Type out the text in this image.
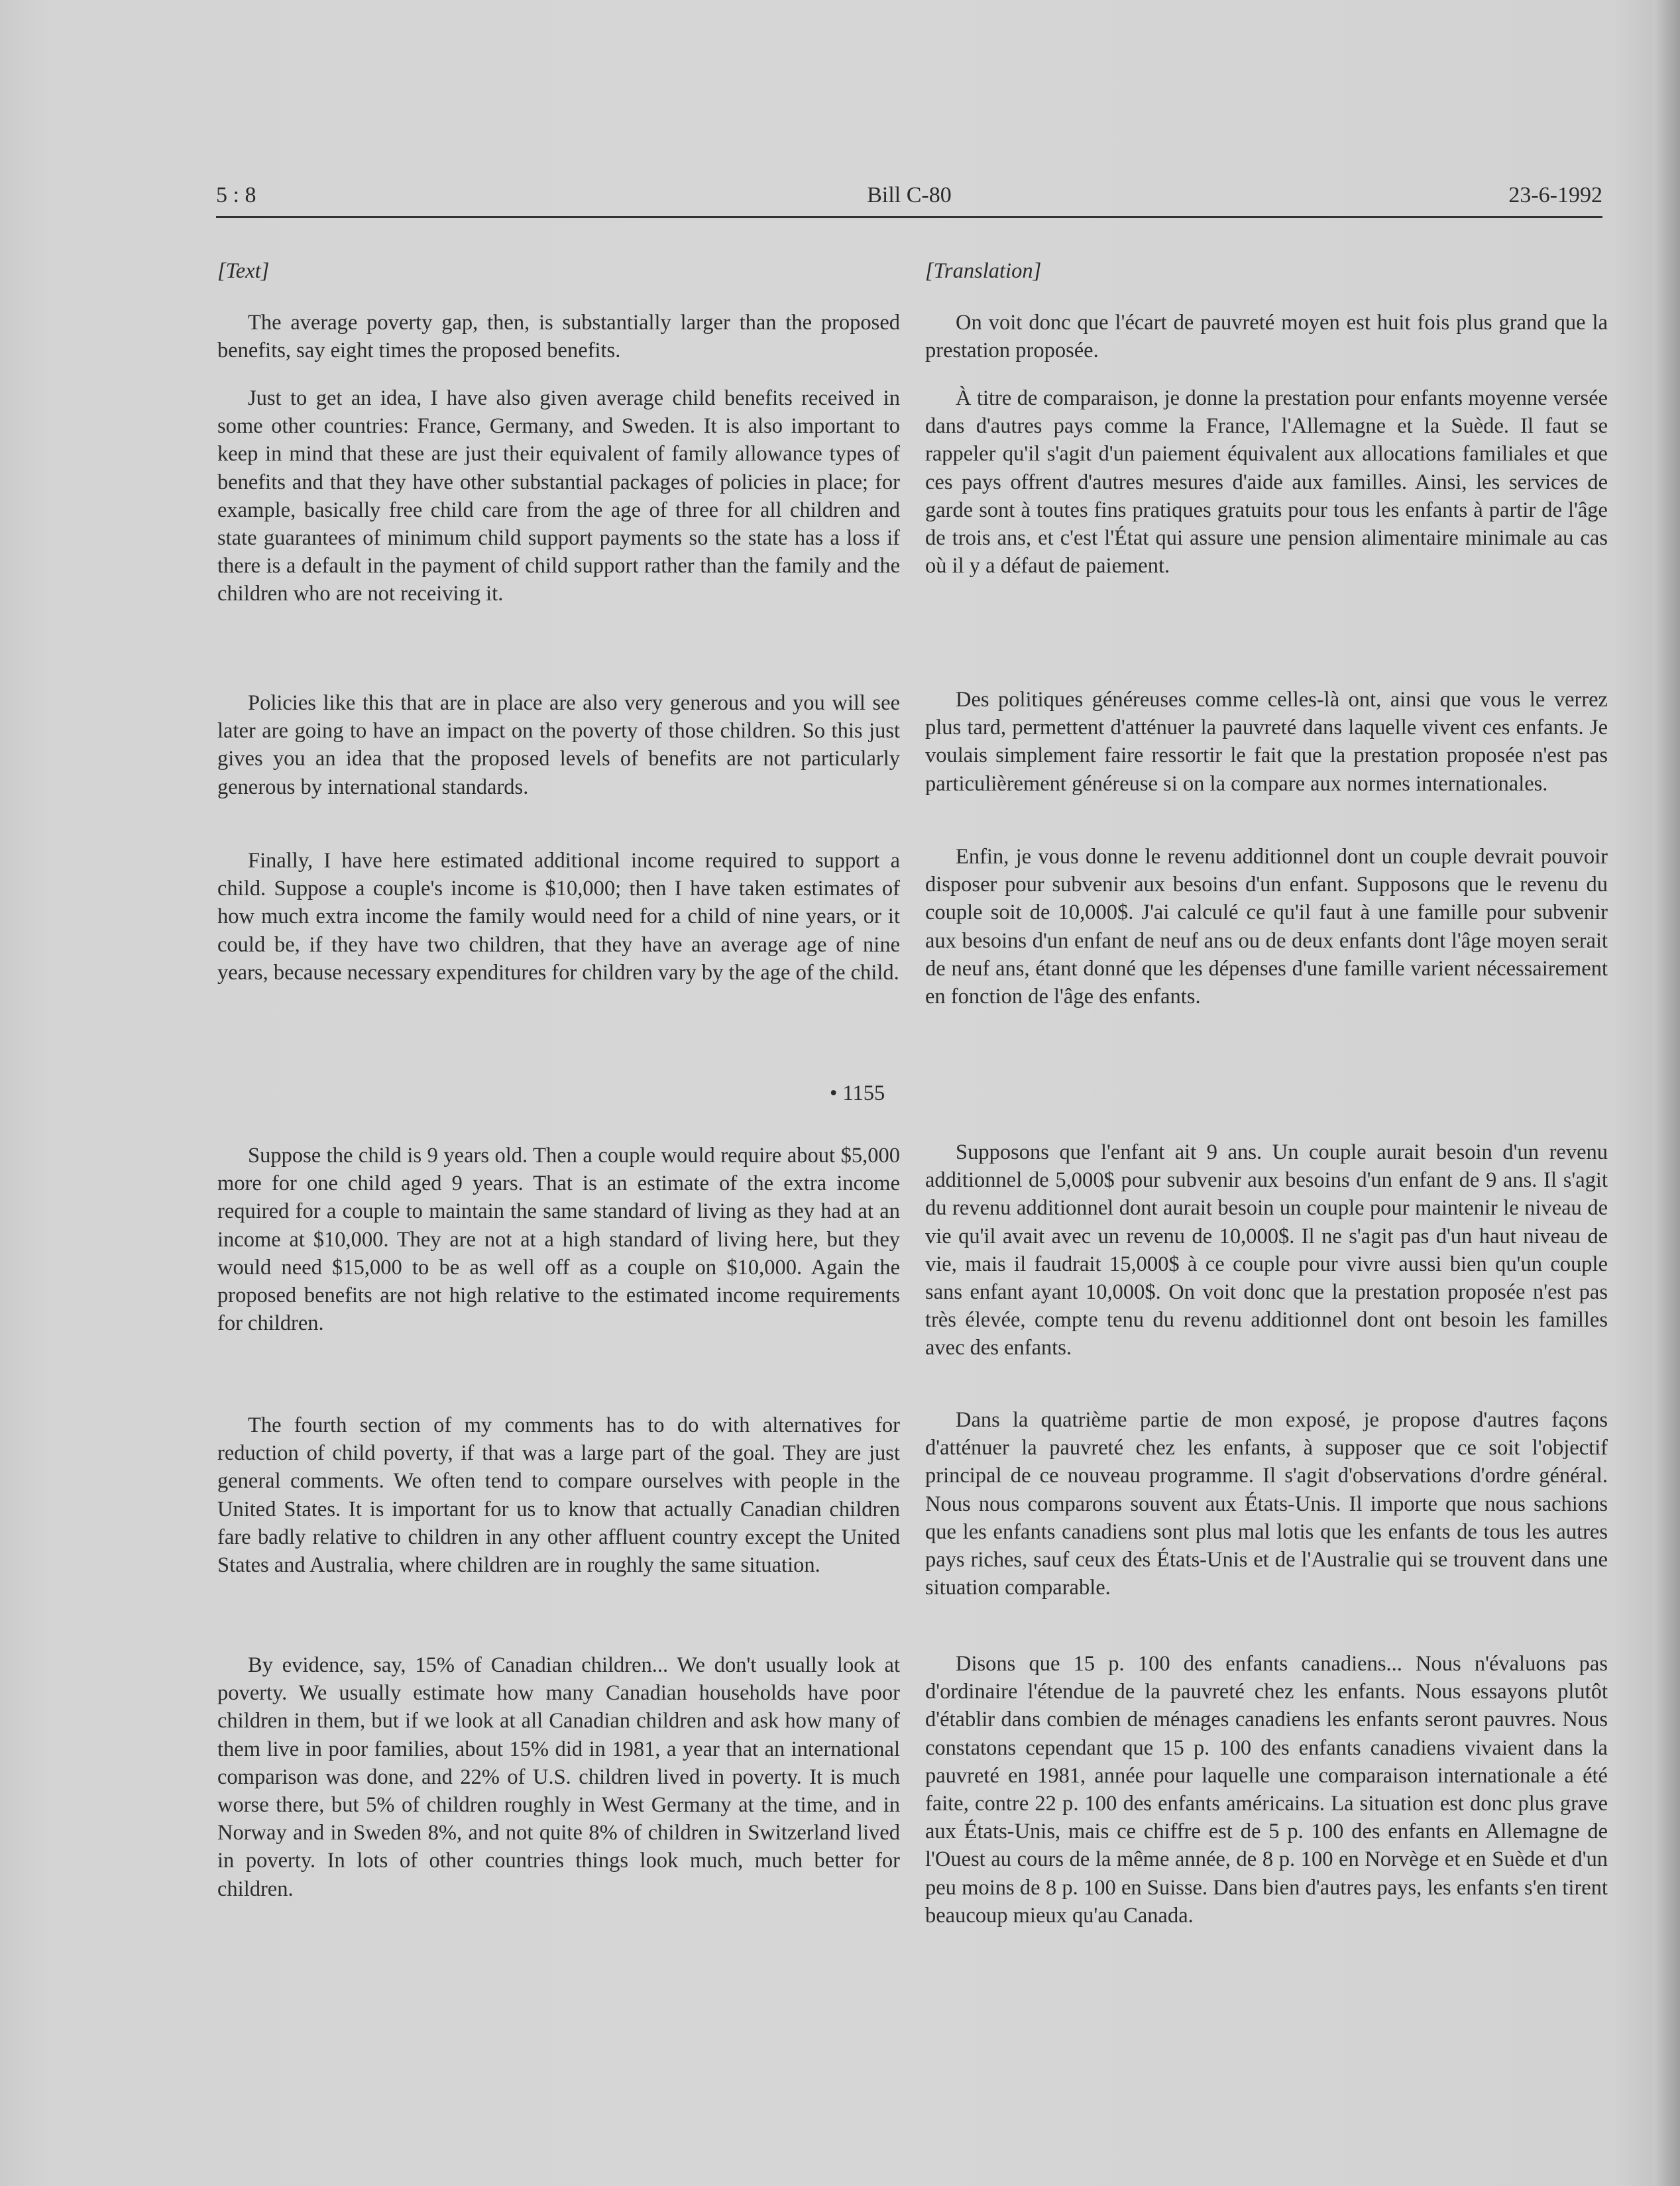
5 : 8	Bill C-80	23-6-1992

[Text]

The average poverty gap, then, is substantially larger than the proposed benefits, say eight times the proposed benefits.

Just to get an idea, I have also given average child benefits received in some other countries: France, Germany, and Sweden. It is also important to keep in mind that these are just their equivalent of family allowance types of benefits and that they have other substantial packages of policies in place; for example, basically free child care from the age of three for all children and state guarantees of minimum child support payments so the state has a loss if there is a default in the payment of child support rather than the family and the children who are not receiving it.

Policies like this that are in place are also very generous and you will see later are going to have an impact on the poverty of those children. So this just gives you an idea that the proposed levels of benefits are not particularly generous by international standards.

Finally, I have here estimated additional income required to support a child. Suppose a couple's income is $10,000; then I have taken estimates of how much extra income the family would need for a child of nine years, or it could be, if they have two children, that they have an average age of nine years, because necessary expenditures for children vary by the age of the child.

• 1155

Suppose the child is 9 years old. Then a couple would require about $5,000 more for one child aged 9 years. That is an estimate of the extra income required for a couple to maintain the same standard of living as they had at an income at $10,000. They are not at a high standard of living here, but they would need $15,000 to be as well off as a couple on $10,000. Again the proposed benefits are not high relative to the estimated income requirements for children.

The fourth section of my comments has to do with alternatives for reduction of child poverty, if that was a large part of the goal. They are just general comments. We often tend to compare ourselves with people in the United States. It is important for us to know that actually Canadian children fare badly relative to children in any other affluent country except the United States and Australia, where children are in roughly the same situation.

By evidence, say, 15% of Canadian children... We don't usually look at poverty. We usually estimate how many Canadian households have poor children in them, but if we look at all Canadian children and ask how many of them live in poor families, about 15% did in 1981, a year that an international comparison was done, and 22% of U.S. children lived in poverty. It is much worse there, but 5% of children roughly in West Germany at the time, and in Norway and in Sweden 8%, and not quite 8% of children in Switzerland lived in poverty. In lots of other countries things look much, much better for children.

[Translation]

On voit donc que l'écart de pauvreté moyen est huit fois plus grand que la prestation proposée.

À titre de comparaison, je donne la prestation pour enfants moyenne versée dans d'autres pays comme la France, l'Allemagne et la Suède. Il faut se rappeler qu'il s'agit d'un paiement équivalent aux allocations familiales et que ces pays offrent d'autres mesures d'aide aux familles. Ainsi, les services de garde sont à toutes fins pratiques gratuits pour tous les enfants à partir de l'âge de trois ans, et c'est l'État qui assure une pension alimentaire minimale au cas où il y a défaut de paiement.

Des politiques généreuses comme celles-là ont, ainsi que vous le verrez plus tard, permettent d'atténuer la pauvreté dans laquelle vivent ces enfants. Je voulais simplement faire ressortir le fait que la prestation proposée n'est pas particulièrement généreuse si on la compare aux normes internationales.

Enfin, je vous donne le revenu additionnel dont un couple devrait pouvoir disposer pour subvenir aux besoins d'un enfant. Supposons que le revenu du couple soit de 10,000$. J'ai calculé ce qu'il faut à une famille pour subvenir aux besoins d'un enfant de neuf ans ou de deux enfants dont l'âge moyen serait de neuf ans, étant donné que les dépenses d'une famille varient nécessairement en fonction de l'âge des enfants.

Supposons que l'enfant ait 9 ans. Un couple aurait besoin d'un revenu additionnel de 5,000$ pour subvenir aux besoins d'un enfant de 9 ans. Il s'agit du revenu additionnel dont aurait besoin un couple pour maintenir le niveau de vie qu'il avait avec un revenu de 10,000$. Il ne s'agit pas d'un haut niveau de vie, mais il faudrait 15,000$ à ce couple pour vivre aussi bien qu'un couple sans enfant ayant 10,000$. On voit donc que la prestation proposée n'est pas très élevée, compte tenu du revenu additionnel dont ont besoin les familles avec des enfants.

Dans la quatrième partie de mon exposé, je propose d'autres façons d'atténuer la pauvreté chez les enfants, à supposer que ce soit l'objectif principal de ce nouveau programme. Il s'agit d'observations d'ordre général. Nous nous comparons souvent aux États-Unis. Il importe que nous sachions que les enfants canadiens sont plus mal lotis que les enfants de tous les autres pays riches, sauf ceux des États-Unis et de l'Australie qui se trouvent dans une situation comparable.

Disons que 15 p. 100 des enfants canadiens... Nous n'évaluons pas d'ordinaire l'étendue de la pauvreté chez les enfants. Nous essayons plutôt d'établir dans combien de ménages canadiens les enfants seront pauvres. Nous constatons cependant que 15 p. 100 des enfants canadiens vivaient dans la pauvreté en 1981, année pour laquelle une comparaison internationale a été faite, contre 22 p. 100 des enfants américains. La situation est donc plus grave aux États-Unis, mais ce chiffre est de 5 p. 100 des enfants en Allemagne de l'Ouest au cours de la même année, de 8 p. 100 en Norvège et en Suède et d'un peu moins de 8 p. 100 en Suisse. Dans bien d'autres pays, les enfants s'en tirent beaucoup mieux qu'au Canada.
